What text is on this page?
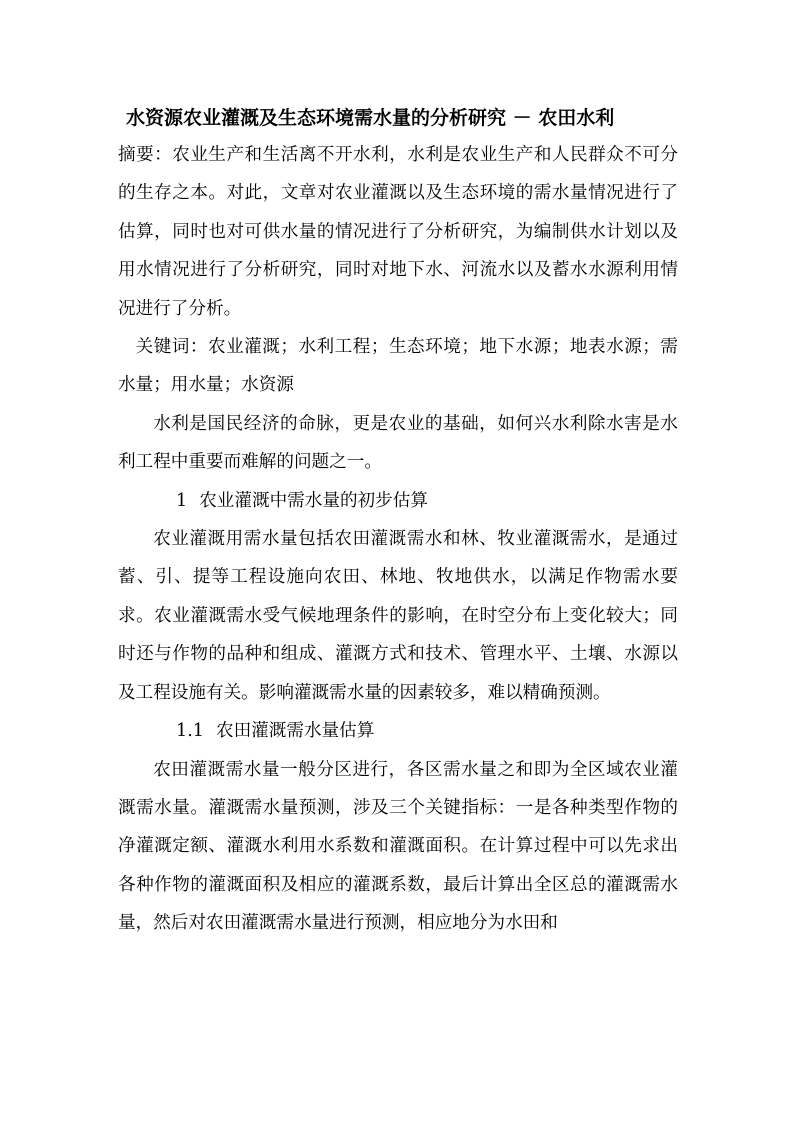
水资源农业灌溉及生态环境需水量的分析研究 － 农田水利

摘要：农业生产和生活离不开水利，水利是农业生产和人民群众不可分的生存之本。对此，文章对农业灌溉以及生态环境的需水量情况进行了估算，同时也对可供水量的情况进行了分析研究，为编制供水计划以及用水情况进行了分析研究，同时对地下水、河流水以及蓄水水源利用情况进行了分析。

关键词：农业灌溉；水利工程；生态环境；地下水源；地表水源；需水量；用水量；水资源

水利是国民经济的命脉，更是农业的基础，如何兴水利除水害是水利工程中重要而难解的问题之一。

1 农业灌溉中需水量的初步估算

农业灌溉用需水量包括农田灌溉需水和林、牧业灌溉需水，是通过蓄、引、提等工程设施向农田、林地、牧地供水，以满足作物需水要求。农业灌溉需水受气候地理条件的影响，在时空分布上变化较大；同时还与作物的品种和组成、灌溉方式和技术、管理水平、土壤、水源以及工程设施有关。影响灌溉需水量的因素较多，难以精确预测。

1.1 农田灌溉需水量估算

农田灌溉需水量一般分区进行，各区需水量之和即为全区域农业灌溉需水量。灌溉需水量预测，涉及三个关键指标：一是各种类型作物的净灌溉定额、灌溉水利用水系数和灌溉面积。在计算过程中可以先求出各种作物的灌溉面积及相应的灌溉系数，最后计算出全区总的灌溉需水量，然后对农田灌溉需水量进行预测，相应地分为水田和
